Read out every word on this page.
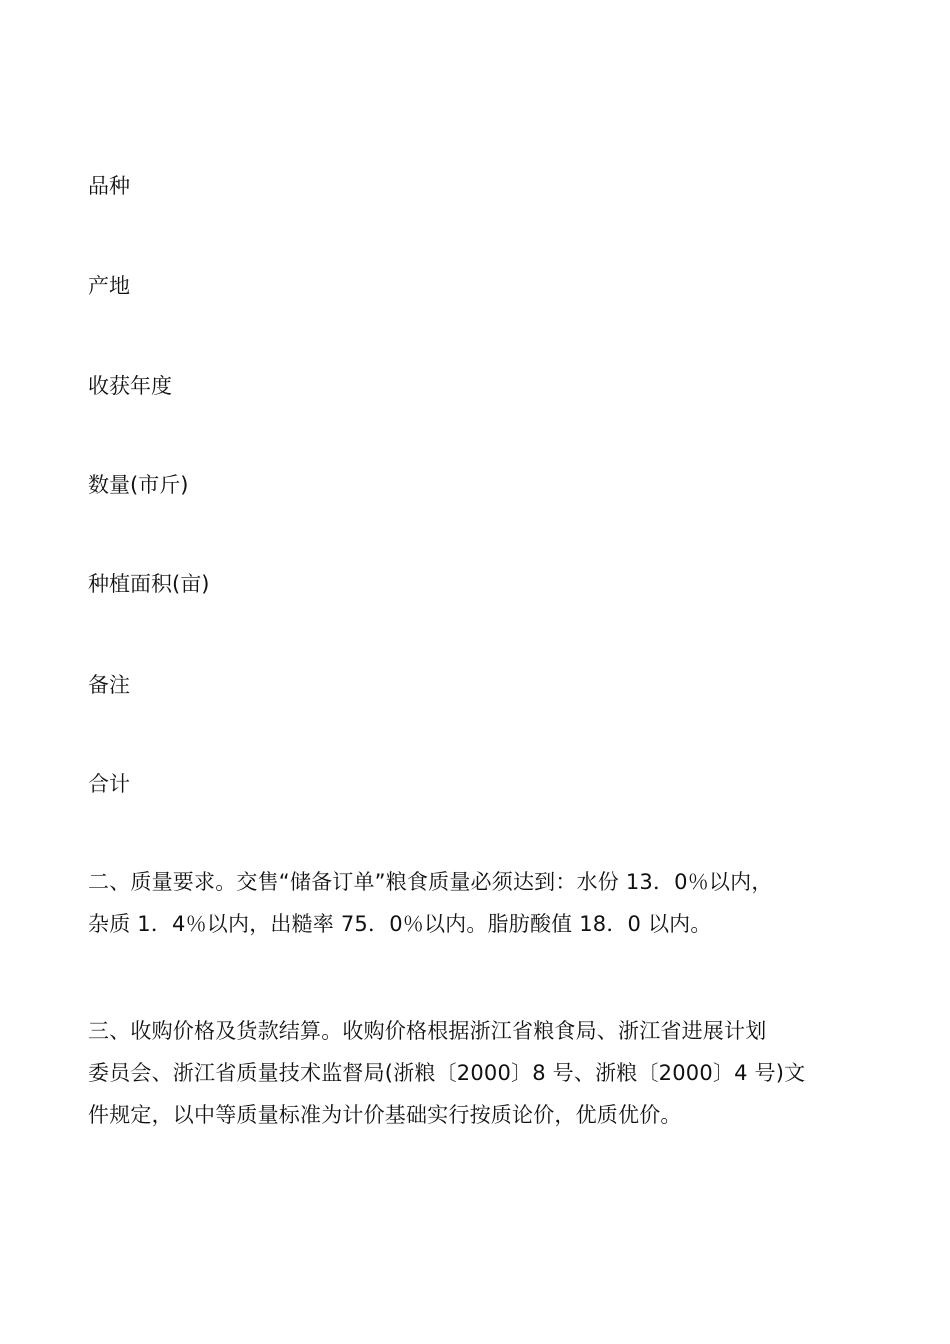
品种
产地
收获年度
数量(市斤)
种植面积(亩)
备注
合计

二、质量要求。交售“储备订单”粮食质量必须达到：水份 13．0％以内，

杂质 1．4％以内，出糙率 75．0％以内。脂肪酸值 18．0 以内。

三、收购价格及货款结算。收购价格根据浙江省粮食局、浙江省进展计划

委员会、浙江省质量技术监督局(浙粮〔2000〕8 号、浙粮〔2000〕4 号)文

件规定，以中等质量标准为计价基础实行按质论价，优质优价。
